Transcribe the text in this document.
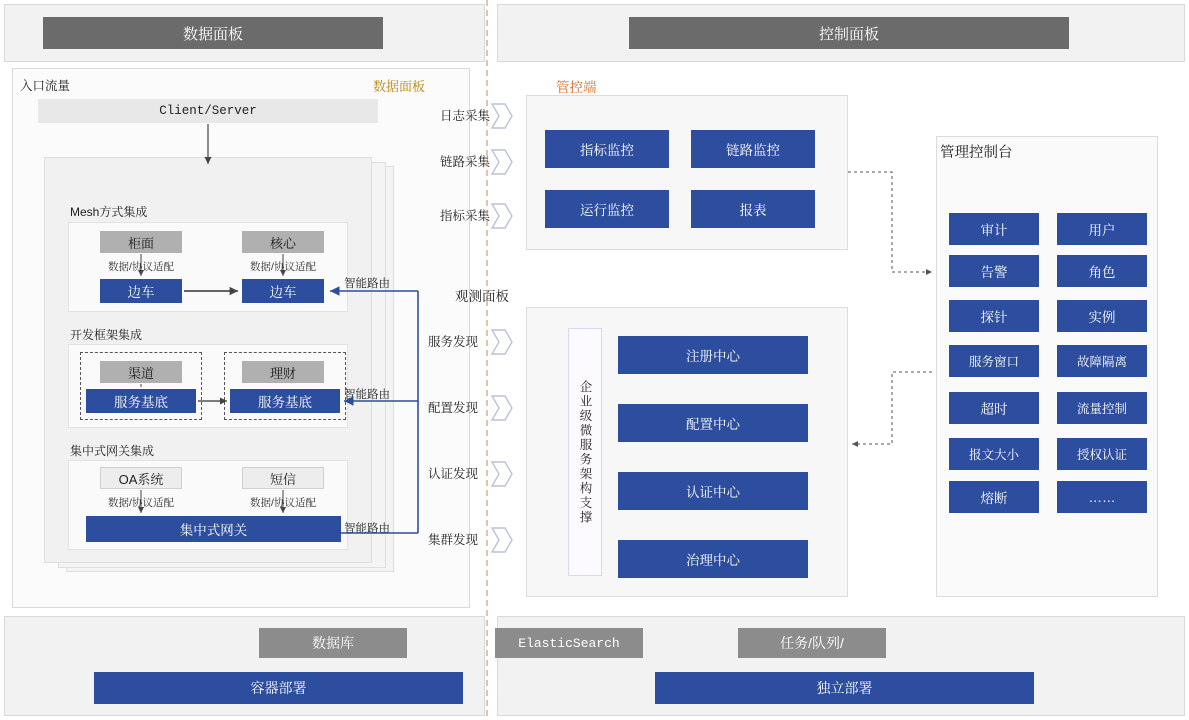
数据面板	控制面板
入口流量	数据面板
Client/Server
Mesh方式集成
柜面	核心
数据/协议适配	数据/协议适配
边车	边车
开发框架集成
渠道	理财
服务基底	服务基底
集中式网关集成
OA系统	短信
数据/协议适配	数据/协议适配
集中式网关
智能路由
智能路由
智能路由
管控端
指标监控	链路监控
运行监控	报表
日志采集
链路采集
指标采集
观测面板
企业级微服务架构支撑
注册中心
配置中心
认证中心
治理中心
服务发现
配置发现
认证发现
集群发现
管理控制台
审计	用户
告警	角色
探针	实例
服务窗口	故障隔离
超时	流量控制
报文大小	授权认证
熔断	……
数据库	ElasticSearch	任务/队列/
容器部署	独立部署
